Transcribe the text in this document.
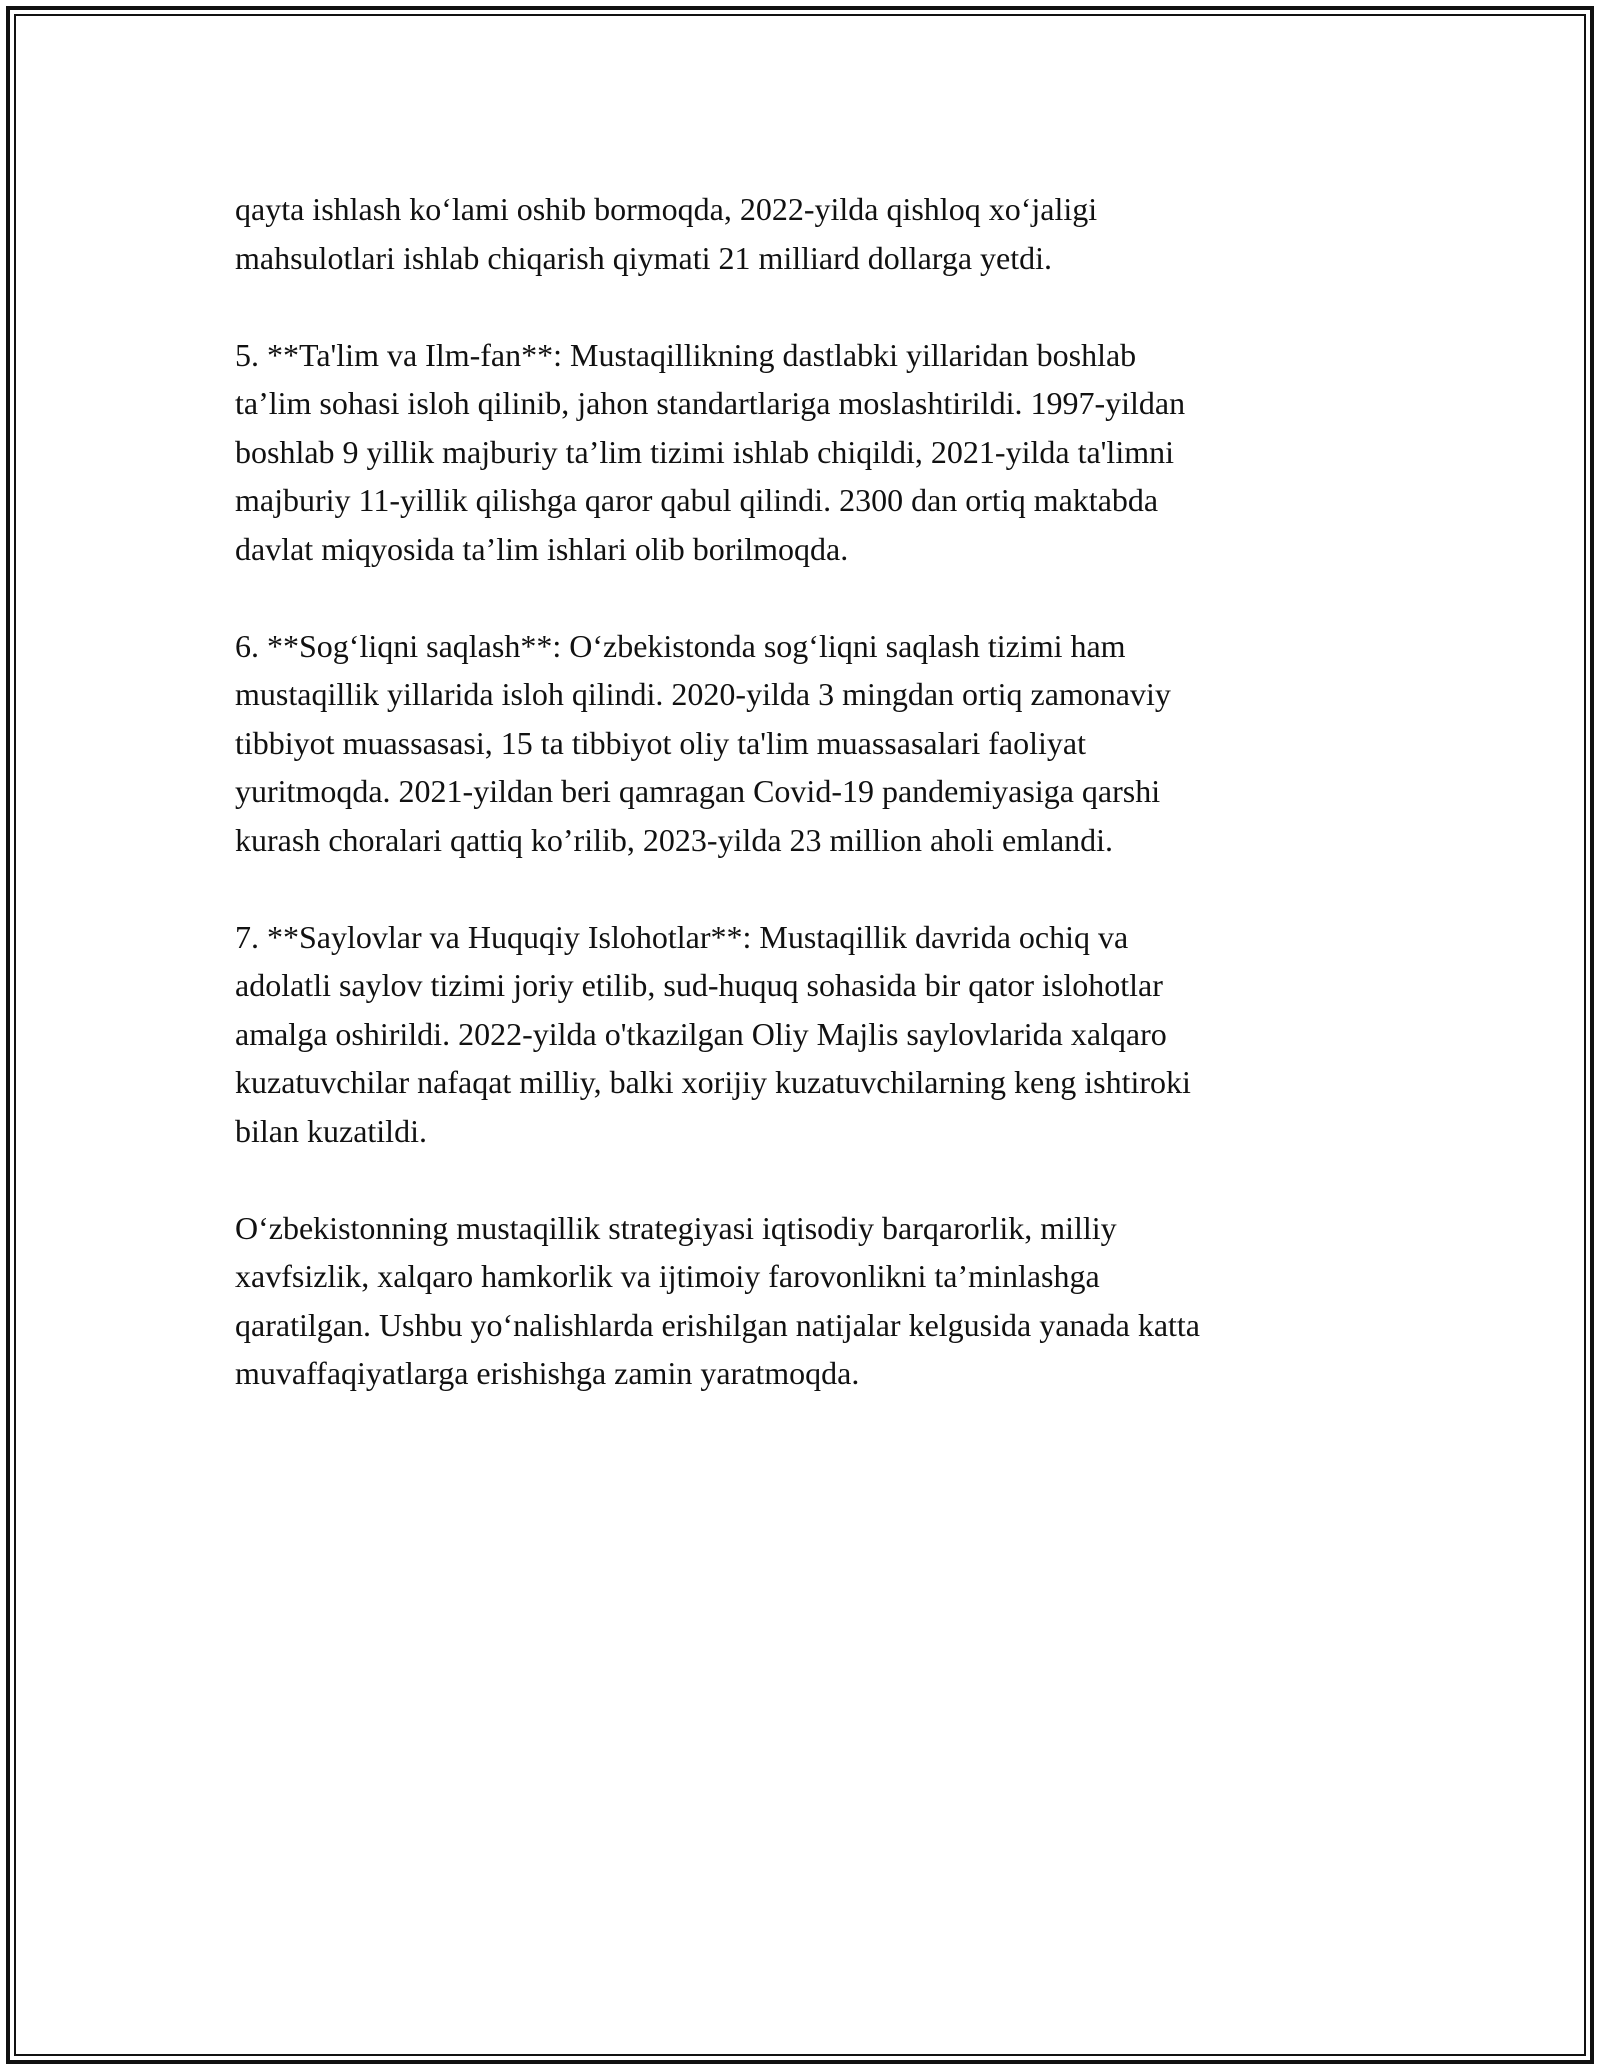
qayta ishlash ko‘lami oshib bormoqda, 2022-yilda qishloq xo‘jaligi
mahsulotlari ishlab chiqarish qiymati 21 milliard dollarga yetdi.

5. **Ta'lim va Ilm-fan**: Mustaqillikning dastlabki yillaridan boshlab
ta’lim sohasi isloh qilinib, jahon standartlariga moslashtirildi. 1997-yildan
boshlab 9 yillik majburiy ta’lim tizimi ishlab chiqildi, 2021-yilda ta'limni
majburiy 11-yillik qilishga qaror qabul qilindi. 2300 dan ortiq maktabda
davlat miqyosida ta’lim ishlari olib borilmoqda.

6. **Sog‘liqni saqlash**: O‘zbekistonda sog‘liqni saqlash tizimi ham
mustaqillik yillarida isloh qilindi. 2020-yilda 3 mingdan ortiq zamonaviy
tibbiyot muassasasi, 15 ta tibbiyot oliy ta'lim muassasalari faoliyat
yuritmoqda. 2021-yildan beri qamragan Covid-19 pandemiyasiga qarshi
kurash choralari qattiq ko’rilib, 2023-yilda 23 million aholi emlandi.

7. **Saylovlar va Huquqiy Islohotlar**: Mustaqillik davrida ochiq va
adolatli saylov tizimi joriy etilib, sud-huquq sohasida bir qator islohotlar
amalga oshirildi. 2022-yilda o'tkazilgan Oliy Majlis saylovlarida xalqaro
kuzatuvchilar nafaqat milliy, balki xorijiy kuzatuvchilarning keng ishtiroki
bilan kuzatildi.

O‘zbekistonning mustaqillik strategiyasi iqtisodiy barqarorlik, milliy
xavfsizlik, xalqaro hamkorlik va ijtimoiy farovonlikni ta’minlashga
qaratilgan. Ushbu yo‘nalishlarda erishilgan natijalar kelgusida yanada katta
muvaffaqiyatlarga erishishga zamin yaratmoqda.
